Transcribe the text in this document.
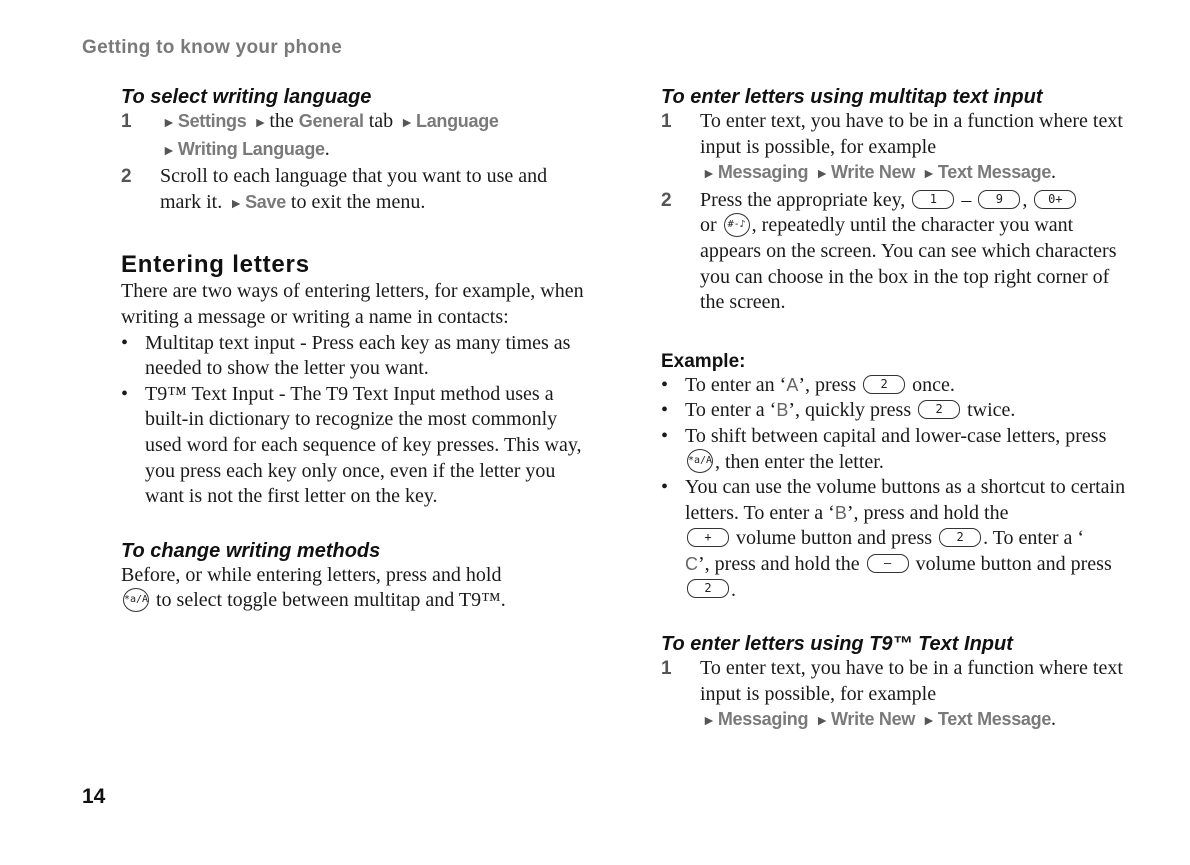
Getting to know your phone
To select writing language
1	► Settings ► the General tab ► Language
► Writing Language.
2	Scroll to each language that you want to use and mark it. ► Save to exit the menu.
Entering letters

There are two ways of entering letters, for example, when writing a message or writing a name in contacts:

• Multitap text input - Press each key as many times as needed to show the letter you want.
• T9™ Text Input - The T9 Text Input method uses a built-in dictionary to recognize the most commonly used word for each sequence of key presses. This way, you press each key only once, even if the letter you want is not the first letter on the key.
To change writing methods

Before, or while entering letters, press and hold
*a/A to select toggle between multitap and T9™.

To enter letters using multitap text input
1	To enter text, you have to be in a function where text input is possible, for example
► Messaging ► Write New ► Text Message.
2	Press the appropriate key, 1 – 9 , 0+
or #-♪ , repeatedly until the character you want appears on the screen. You can see which characters you can choose in the box in the top right corner of the screen.
Example:
• To enter an ‘A’, press 2 once.
• To enter a ‘B’, quickly press 2 twice.
• To shift between capital and lower-case letters, press *a/A , then enter the letter.
• You can use the volume buttons as a shortcut to certain letters. To enter a ‘B’, press and hold the
+ volume button and press 2 . To enter a ‘
C’, press and hold the – volume button and press 2 .
To enter letters using T9™ Text Input
1	To enter text, you have to be in a function where text input is possible, for example
► Messaging ► Write New ► Text Message.
14
